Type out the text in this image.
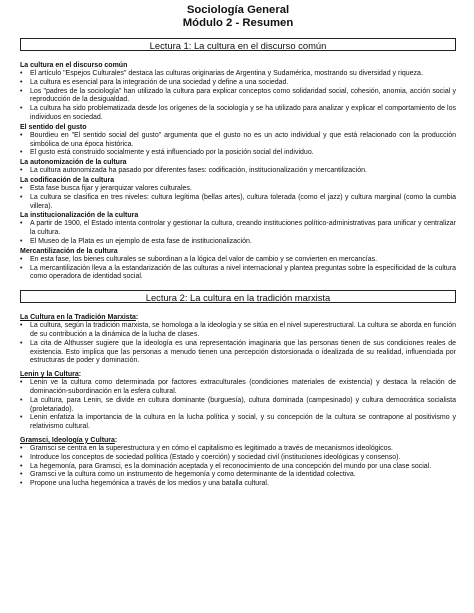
Sociología General
Módulo 2 - Resumen
Lectura 1: La cultura en el discurso común

La cultura en el discurso común

• El artículo "Espejos Culturales" destaca las culturas originarias de Argentina y Sudamérica, mostrando su diversidad y riqueza.
• La cultura es esencial para la integración de una sociedad y define a una sociedad.
• Los "padres de la sociología" han utilizado la cultura para explicar conceptos como solidaridad social, cohesión, anomia, acción social y reproducción de la desigualdad.
• La cultura ha sido problematizada desde los orígenes de la sociología y se ha utilizado para analizar y explicar el comportamiento de los individuos en sociedad.

El sentido del gusto

• Bourdieu en "El sentido social del gusto" argumenta que el gusto no es un acto individual y que está relacionado con la producción simbólica de una época histórica.
• El gusto está construido socialmente y está influenciado por la posición social del individuo.

La autonomización de la cultura

• La cultura autonomizada ha pasado por diferentes fases: codificación, institucionalización y mercantilización.

La codificación de la cultura

• Esta fase busca fijar y jerarquizar valores culturales.
• La cultura se clasifica en tres niveles: cultura legítima (bellas artes), cultura tolerada (como el jazz) y cultura marginal (como la cumbia villera).

La institucionalización de la cultura

• A partir de 1900, el Estado intenta controlar y gestionar la cultura, creando instituciones político-administrativas para unificar y centralizar la cultura.
• El Museo de la Plata es un ejemplo de esta fase de institucionalización.

Mercantilización de la cultura

• En esta fase, los bienes culturales se subordinan a la lógica del valor de cambio y se convierten en mercancías.
• La mercantilización lleva a la estandarización de las culturas a nivel internacional y plantea preguntas sobre la especificidad de la cultura como operadora de identidad social.
Lectura 2: La cultura en la tradición marxista

La Cultura en la Tradición Marxista:

• La cultura, según la tradición marxista, se homologa a la ideología y se sitúa en el nivel superestructural. La cultura se aborda en función de su contribución a la dinámica de la lucha de clases.
• La cita de Althusser sugiere que la ideología es una representación imaginaria que las personas tienen de sus condiciones reales de existencia. Esto implica que las personas a menudo tienen una percepción distorsionada o idealizada de su realidad, influenciada por estructuras de poder y dominación.

Lenin y la Cultura:

• Lenin ve la cultura como determinada por factores extraculturales (condiciones materiales de existencia) y destaca la relación de dominación-subordinación en la esfera cultural.
• La cultura, para Lenin, se divide en cultura dominante (burguesía), cultura dominada (campesinado) y cultura democrática socialista (proletariado).
• Lenin enfatiza la importancia de la cultura en la lucha política y social, y su concepción de la cultura se contrapone al positivismo y relativismo cultural.

Gramsci, Ideología y Cultura:

• Gramsci se centra en la superestructura y en cómo el capitalismo es legitimado a través de mecanismos ideológicos.
• Introduce los conceptos de sociedad política (Estado y coerción) y sociedad civil (instituciones ideológicas y consenso).
• La hegemonía, para Gramsci, es la dominación aceptada y el reconocimiento de una concepción del mundo por una clase social.
• Gramsci ve la cultura como un instrumento de hegemonía y como determinante de la identidad colectiva.
• Propone una lucha hegemónica a través de los medios y una batalla cultural.
